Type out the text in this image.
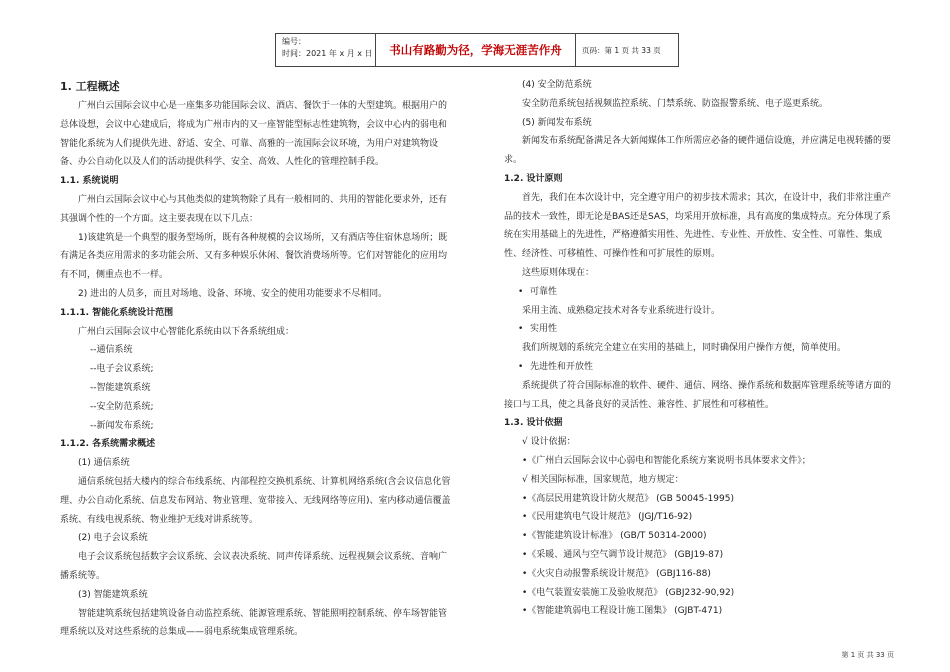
编号：
时间：2021 年 x 月 x 日	书山有路勤为径，学海无涯苦作舟	页码：第 1 页 共 33 页

1. 工程概述

广州白云国际会议中心是一座集多功能国际会议、酒店、餐饮于一体的大型建筑。根据用户的总体设想，会议中心建成后，将成为广州市内的又一座智能型标志性建筑物，会议中心内的弱电和智能化系统为人们提供先进、舒适、安全、可靠、高雅的一流国际会议环境，为用户对建筑物设备、办公自动化以及人们的活动提供科学、安全、高效、人性化的管理控制手段。

1.1. 系统说明

广州白云国际会议中心与其他类似的建筑物除了具有一般相同的、共用的智能化要求外，还有其强调个性的一个方面。这主要表现在以下几点：

1)该建筑是一个典型的服务型场所，既有各种规模的会议场所，又有酒店等住宿休息场所；既有满足各类应用需求的多功能会所、又有多种娱乐休闲、餐饮消费场所等。它们对智能化的应用均有不同，侧重点也不一样。

2) 进出的人员多，而且对场地、设备、环境、安全的使用功能要求不尽相同。

1.1.1. 智能化系统设计范围

广州白云国际会议中心智能化系统由以下各系统组成：

--通信系统

--电子会议系统;

--智能建筑系统

--安全防范系统;

--新闻发布系统;

1.1.2. 各系统需求概述

(1) 通信系统

通信系统包括大楼内的综合布线系统、内部程控交换机系统、计算机网络系统(含会议信息化管理、办公自动化系统、信息发布网站、物业管理、宽带接入、无线网络等应用)、室内移动通信覆盖系统、有线电视系统、物业维护无线对讲系统等。

(2) 电子会议系统

电子会议系统包括数字会议系统、会议表决系统、同声传译系统、远程视频会议系统、音响广播系统等。

(3) 智能建筑系统

智能建筑系统包括建筑设备自动监控系统、能源管理系统、智能照明控制系统、停车场智能管理系统以及对这些系统的总集成——弱电系统集成管理系统。

(4) 安全防范系统

安全防范系统包括视频监控系统、门禁系统、防盗报警系统、电子巡更系统。

(5) 新闻发布系统

新闻发布系统配备满足各大新闻媒体工作所需应必备的硬件通信设施，并应满足电视转播的要求。

1.2. 设计原则

首先，我们在本次设计中，完全遵守用户的初步技术需求；其次，在设计中，我们非常注重产品的技术一致性，即无论是BAS还是SAS，均采用开放标准，具有高度的集成特点。充分体现了系统在实用基础上的先进性，严格遵循实用性、先进性、专业性、开放性、安全性、可靠性、集成性、经济性、可移植性、可操作性和可扩展性的原则。

这些原则体现在：

• 可靠性

采用主流、成熟稳定技术对各专业系统进行设计。

• 实用性

我们所规划的系统完全建立在实用的基础上，同时确保用户操作方便，简单使用。

• 先进性和开放性

系统提供了符合国际标准的软件、硬件、通信、网络、操作系统和数据库管理系统等诸方面的接口与工具，使之具备良好的灵活性、兼容性、扩展性和可移植性。

1.3. 设计依据

√ 设计依据：

•《广州白云国际会议中心弱电和智能化系统方案说明书具体要求文件》；

√ 相关国际标准，国家规范，地方规定：

•《高层民用建筑设计防火规范》 (GB 50045-1995)

•《民用建筑电气设计规范》 (JGJ/T16-92)

•《智能建筑设计标准》 (GB/T 50314-2000)

•《采暖、通风与空气调节设计规范》 (GBJ19-87)

•《火灾自动报警系统设计规范》 (GBJ116-88)

•《电气装置安装施工及验收规范》 (GBJ232-90,92)

•《智能建筑弱电工程设计施工图集》 (GJBT-471)

第 1 页 共 33 页
